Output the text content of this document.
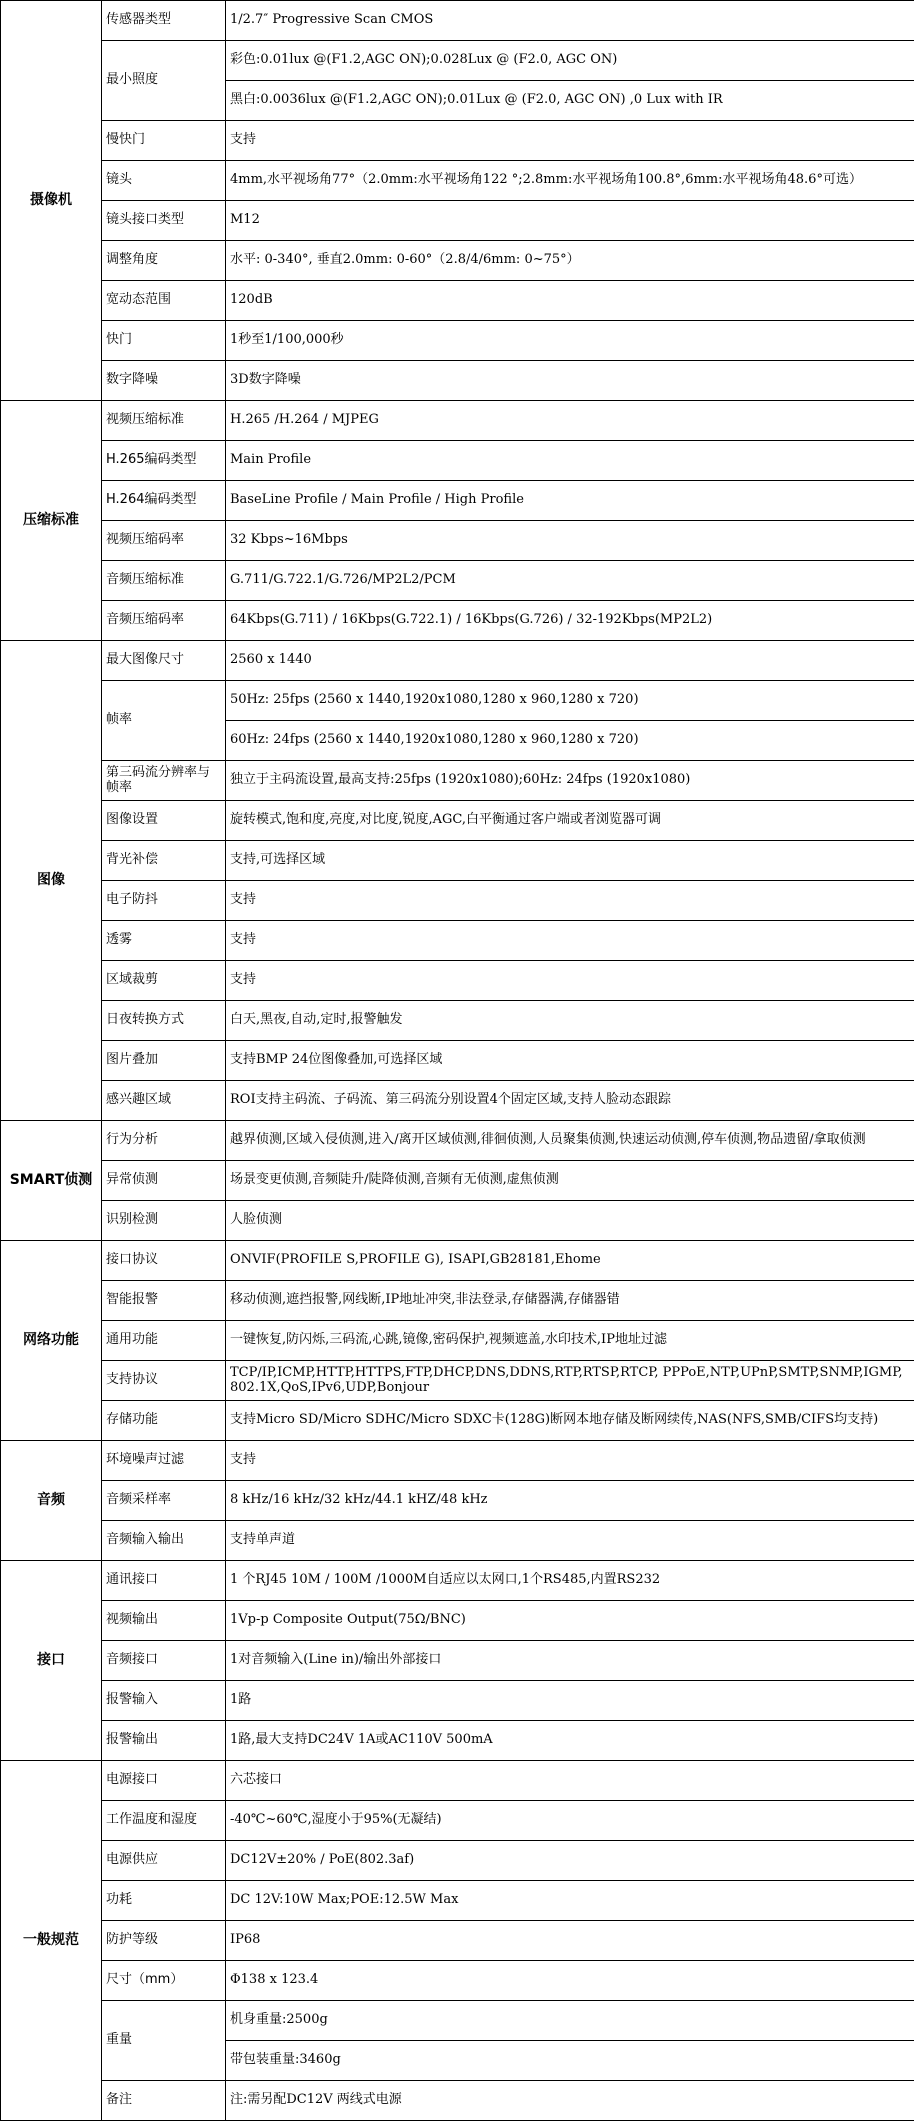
摄像机	传感器类型	1/2.7″ Progressive Scan CMOS
	最小照度	彩色:0.01lux @(F1.2,AGC ON);0.028Lux @ (F2.0, AGC ON)
		黑白:0.0036lux @(F1.2,AGC ON);0.01Lux @ (F2.0, AGC ON) ,0 Lux with IR
	慢快门	支持
	镜头	4mm,水平视场角77°（2.0mm:水平视场角122 °;2.8mm:水平视场角100.8°,6mm:水平视场角48.6°可选）
	镜头接口类型	M12
	调整角度	水平: 0-340°, 垂直2.0mm: 0-60°（2.8/4/6mm: 0~75°）
	宽动态范围	120dB
	快门	1秒至1/100,000秒
	数字降噪	3D数字降噪
压缩标准	视频压缩标准	H.265 /H.264 / MJPEG
	H.265编码类型	Main Profile
	H.264编码类型	BaseLine Profile / Main Profile / High Profile
	视频压缩码率	32 Kbps~16Mbps
	音频压缩标准	G.711/G.722.1/G.726/MP2L2/PCM
	音频压缩码率	64Kbps(G.711) / 16Kbps(G.722.1) / 16Kbps(G.726) / 32-192Kbps(MP2L2)
图像	最大图像尺寸	2560 x 1440
	帧率	50Hz: 25fps (2560 x 1440,1920x1080,1280 x 960,1280 x 720)
		60Hz: 24fps (2560 x 1440,1920x1080,1280 x 960,1280 x 720)
	第三码流分辨率与帧率	独立于主码流设置,最高支持:25fps (1920x1080);60Hz: 24fps (1920x1080)
	图像设置	旋转模式,饱和度,亮度,对比度,锐度,AGC,白平衡通过客户端或者浏览器可调
	背光补偿	支持,可选择区域
	电子防抖	支持
	透雾	支持
	区域裁剪	支持
	日夜转换方式	白天,黑夜,自动,定时,报警触发
	图片叠加	支持BMP 24位图像叠加,可选择区域
	感兴趣区域	ROI支持主码流、子码流、第三码流分别设置4个固定区域,支持人脸动态跟踪
SMART侦测	行为分析	越界侦测,区域入侵侦测,进入/离开区域侦测,徘徊侦测,人员聚集侦测,快速运动侦测,停车侦测,物品遗留/拿取侦测
	异常侦测	场景变更侦测,音频陡升/陡降侦测,音频有无侦测,虚焦侦测
	识别检测	人脸侦测
网络功能	接口协议	ONVIF(PROFILE S,PROFILE G), ISAPI,GB28181,Ehome
	智能报警	移动侦测,遮挡报警,网线断,IP地址冲突,非法登录,存储器满,存储器错
	通用功能	一键恢复,防闪烁,三码流,心跳,镜像,密码保护,视频遮盖,水印技术,IP地址过滤
	支持协议	TCP/IP,ICMP,HTTP,HTTPS,FTP,DHCP,DNS,DDNS,RTP,RTSP,RTCP, PPPoE,NTP,UPnP,SMTP,SNMP,IGMP,802.1X,QoS,IPv6,UDP,Bonjour
	存储功能	支持Micro SD/Micro SDHC/Micro SDXC卡(128G)断网本地存储及断网续传,NAS(NFS,SMB/CIFS均支持)
音频	环境噪声过滤	支持
	音频采样率	8 kHz/16 kHz/32 kHz/44.1 kHZ/48 kHz
	音频输入输出	支持单声道
接口	通讯接口	1 个RJ45 10M / 100M /1000M自适应以太网口,1个RS485,内置RS232
	视频输出	1Vp-p Composite Output(75Ω/BNC)
	音频接口	1对音频输入(Line in)/输出外部接口
	报警输入	1路
	报警输出	1路,最大支持DC24V 1A或AC110V 500mA
一般规范	电源接口	六芯接口
	工作温度和湿度	-40℃~60℃,湿度小于95%(无凝结)
	电源供应	DC12V±20% / PoE(802.3af)
	功耗	DC 12V:10W Max;POE:12.5W Max
	防护等级	IP68
	尺寸（mm）	Φ138 x 123.4
	重量	机身重量:2500g
		带包装重量:3460g
	备注	注:需另配DC12V 两线式电源
